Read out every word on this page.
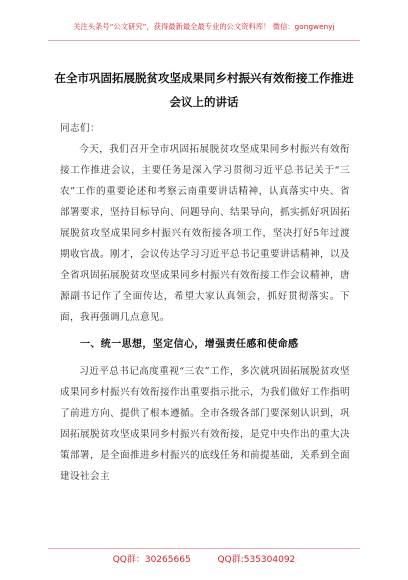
关注头条号“公文研究”，获得最新最全最专业的公文资料库！ 微信：gongwenyj
在全市巩固拓展脱贫攻坚成果同乡村振兴有效衔接工作推进会议上的讲话

同志们：

今天，我们召开全市巩固拓展脱贫攻坚成果同乡村振兴有效衔接工作推进会议，主要任务是深入学习贯彻习近平总书记关于“三农”工作的重要论述和考察云南重要讲话精神，认真落实中央、省部署要求，坚持目标导向、问题导向、结果导向，抓实抓好巩固拓展脱贫攻坚成果同乡村振兴有效衔接各项工作，坚决打好5年过渡期收官战。刚才，会议传达学习习近平总书记重要讲话精神，以及全省巩固拓展脱贫攻坚成果同乡村振兴有效衔接工作会议精神，唐源副书记作了全面传达，希望大家认真领会，抓好贯彻落实。下面，我再强调几点意见。

一、统一思想，坚定信心，增强责任感和使命感

习近平总书记高度重视“三农”工作，多次就巩固拓展脱贫攻坚成果同乡村振兴有效衔接作出重要指示批示，为我们做好工作指明了前进方向、提供了根本遵循。全市各级各部门要深刻认识到，巩固拓展脱贫攻坚成果同乡村振兴有效衔接，是党中央作出的重大决策部署，是全面推进乡村振兴的底线任务和前提基础，关系到全面建设社会主

QQ群：30265665	QQ群:535304092
